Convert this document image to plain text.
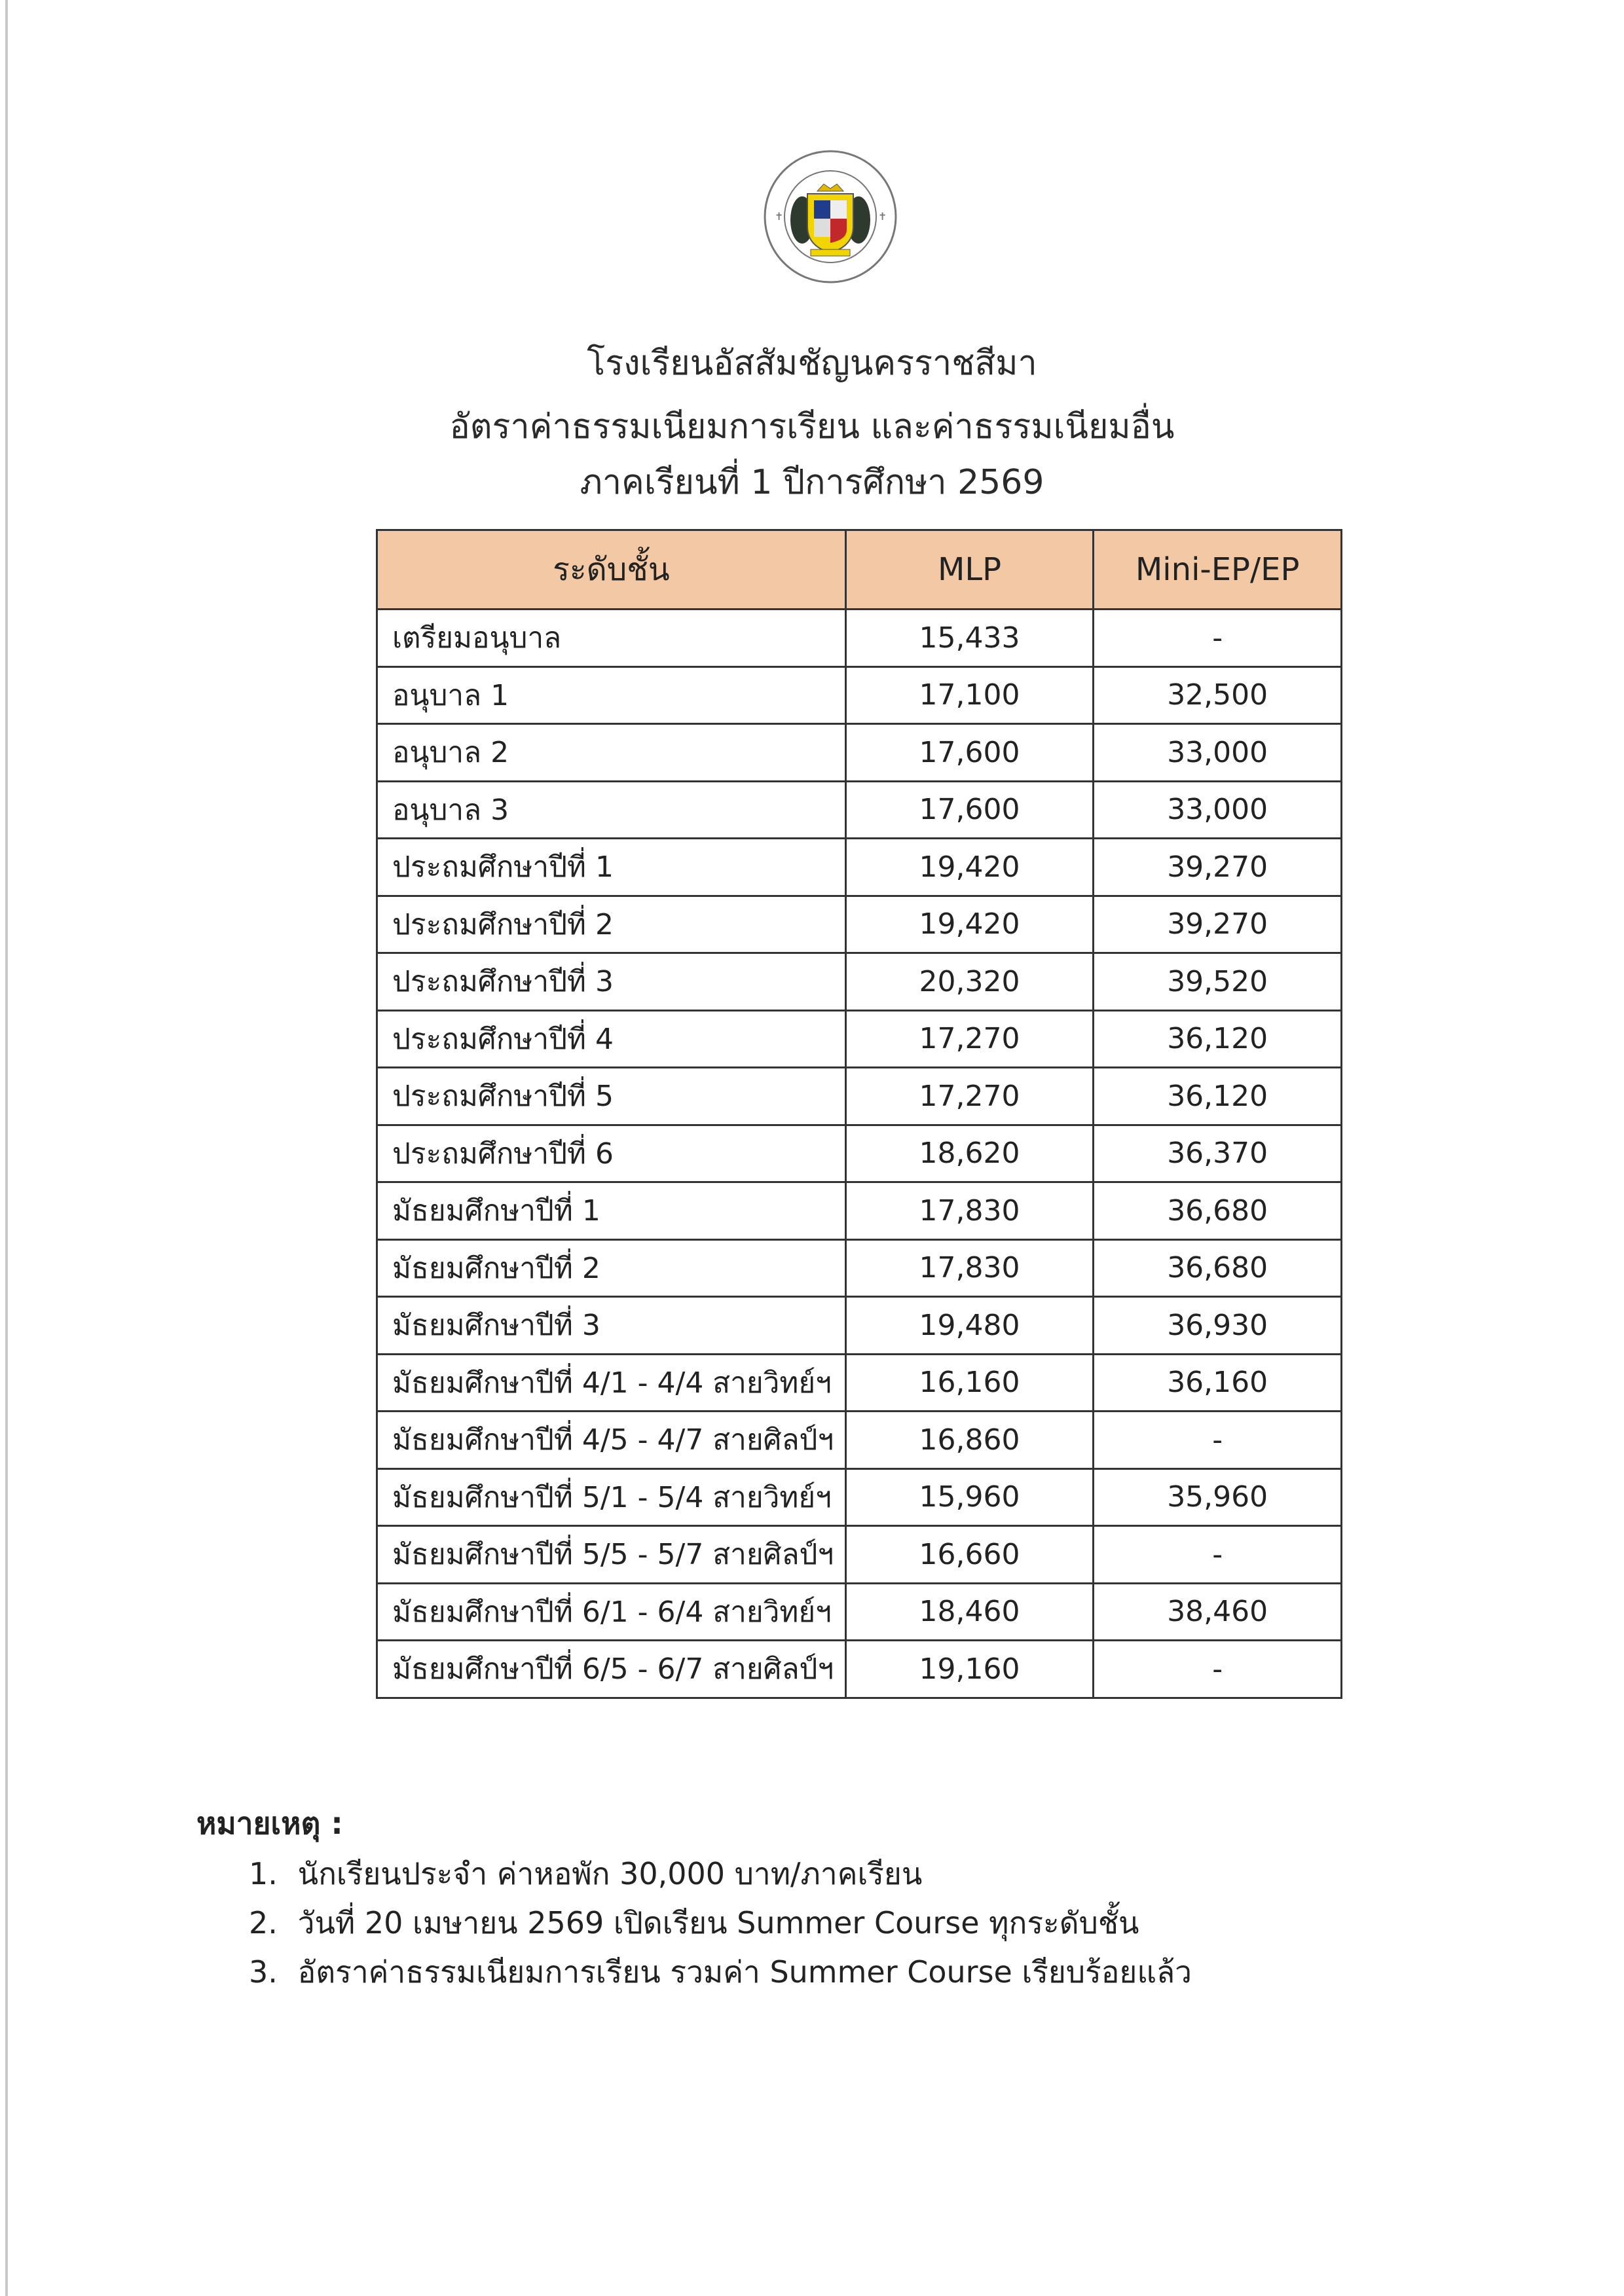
✝	✝
โรงเรียนอัสสัมชัญนครราชสีมา
อัตราค่าธรรมเนียมการเรียน และค่าธรรมเนียมอื่น
ภาคเรียนที่ 1 ปีการศึกษา 2569
ระดับชั้น	MLP	Mini-EP/EP
เตรียมอนุบาล	15,433	-
อนุบาล 1	17,100	32,500
อนุบาล 2	17,600	33,000
อนุบาล 3	17,600	33,000
ประถมศึกษาปีที่ 1	19,420	39,270
ประถมศึกษาปีที่ 2	19,420	39,270
ประถมศึกษาปีที่ 3	20,320	39,520
ประถมศึกษาปีที่ 4	17,270	36,120
ประถมศึกษาปีที่ 5	17,270	36,120
ประถมศึกษาปีที่ 6	18,620	36,370
มัธยมศึกษาปีที่ 1	17,830	36,680
มัธยมศึกษาปีที่ 2	17,830	36,680
มัธยมศึกษาปีที่ 3	19,480	36,930
มัธยมศึกษาปีที่ 4/1 - 4/4 สายวิทย์ฯ	16,160	36,160
มัธยมศึกษาปีที่ 4/5 - 4/7 สายศิลป์ฯ	16,860	-
มัธยมศึกษาปีที่ 5/1 - 5/4 สายวิทย์ฯ	15,960	35,960
มัธยมศึกษาปีที่ 5/5 - 5/7 สายศิลป์ฯ	16,660	-
มัธยมศึกษาปีที่ 6/1 - 6/4 สายวิทย์ฯ	18,460	38,460
มัธยมศึกษาปีที่ 6/5 - 6/7 สายศิลป์ฯ	19,160	-
หมายเหตุ :
1. นักเรียนประจำ ค่าหอพัก 30,000 บาท/ภาคเรียน
2. วันที่ 20 เมษายน 2569 เปิดเรียน Summer Course ทุกระดับชั้น
3. อัตราค่าธรรมเนียมการเรียน รวมค่า Summer Course เรียบร้อยแล้ว
